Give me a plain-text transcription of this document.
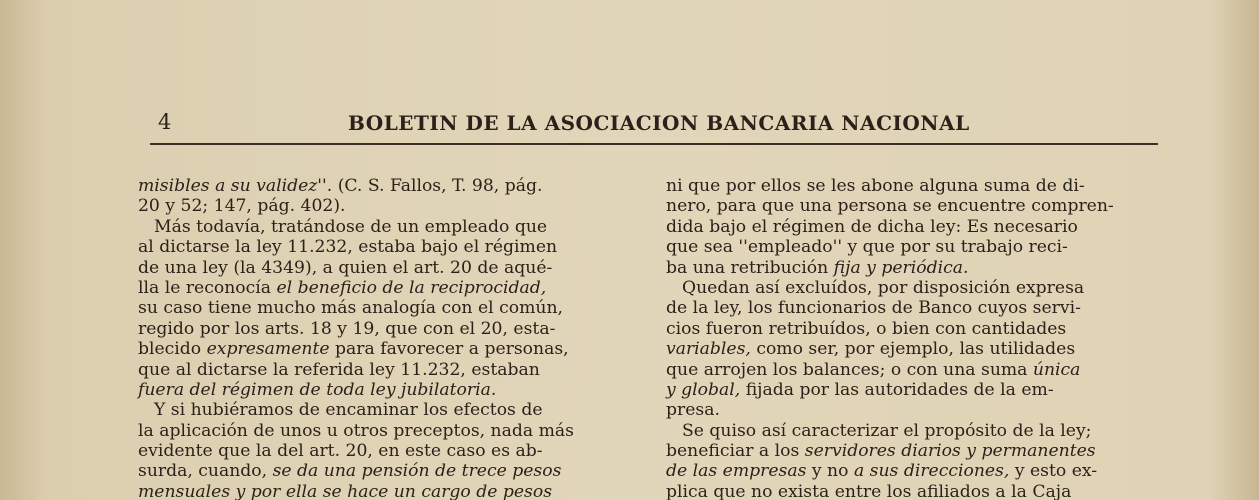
4	BOLETIN DE LA ASOCIACION BANCARIA NACIONAL
misibles a su validez''. (C. S. Fallos, T. 98, pág.
20 y 52; 147, pág. 402).
Más todavía, tratándose de un empleado que
al dictarse la ley 11.232, estaba bajo el régimen
de una ley (la 4349), a quien el art. 20 de aqué-
lla le reconocía el beneficio de la reciprocidad,
su caso tiene mucho más analogía con el común,
regido por los arts. 18 y 19, que con el 20, esta-
blecido expresamente para favorecer a personas,
que al dictarse la referida ley 11.232, estaban
fuera del régimen de toda ley jubilatoria.
Y si hubiéramos de encaminar los efectos de
la aplicación de unos u otros preceptos, nada más
evidente que la del art. 20, en este caso es ab-
surda, cuando, se da una pensión de trece pesos
mensuales y por ella se hace un cargo de pesos
ni que por ellos se les abone alguna suma de di-
nero, para que una persona se encuentre compren-
dida bajo el régimen de dicha ley: Es necesario
que sea ''empleado'' y que por su trabajo reci-
ba una retribución fija y periódica.
Quedan así excluídos, por disposición expresa
de la ley, los funcionarios de Banco cuyos servi-
cios fueron retribuídos, o bien con cantidades
variables, como ser, por ejemplo, las utilidades
que arrojen los balances; o con una suma única
y global, fijada por las autoridades de la em-
presa.
Se quiso así caracterizar el propósito de la ley;
beneficiar a los servidores diarios y permanentes
de las empresas y no a sus direcciones, y esto ex-
plica que no exista entre los afiliados a la Caja
